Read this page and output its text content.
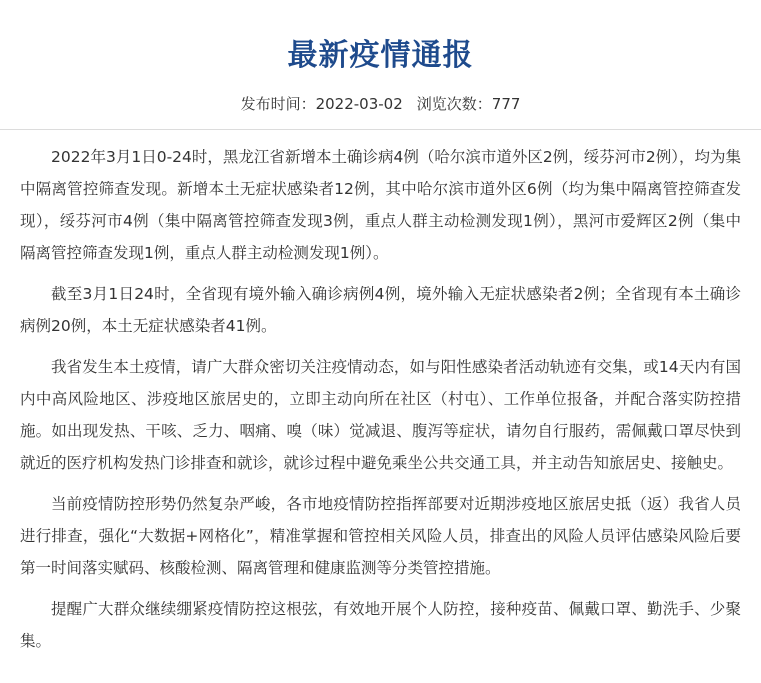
最新疫情通报
发布时间：2022-03-02 浏览次数：777

2022年3月1日0-24时，黑龙江省新增本土确诊病4例（哈尔滨市道外区2例，绥芬河市2例），均为集中隔离管控筛查发现。新增本土无症状感染者12例，其中哈尔滨市道外区6例（均为集中隔离管控筛查发现），绥芬河市4例（集中隔离管控筛查发现3例，重点人群主动检测发现1例），黑河市爱辉区2例（集中隔离管控筛查发现1例，重点人群主动检测发现1例）。

截至3月1日24时，全省现有境外输入确诊病例4例，境外输入无症状感染者2例；全省现有本土确诊病例20例，本土无症状感染者41例。

我省发生本土疫情，请广大群众密切关注疫情动态，如与阳性感染者活动轨迹有交集，或14天内有国内中高风险地区、涉疫地区旅居史的，立即主动向所在社区（村屯）、工作单位报备，并配合落实防控措施。如出现发热、干咳、乏力、咽痛、嗅（味）觉减退、腹泻等症状，请勿自行服药，需佩戴口罩尽快到就近的医疗机构发热门诊排查和就诊，就诊过程中避免乘坐公共交通工具，并主动告知旅居史、接触史。

当前疫情防控形势仍然复杂严峻，各市地疫情防控指挥部要对近期涉疫地区旅居史抵（返）我省人员进行排查，强化“大数据+网格化”，精准掌握和管控相关风险人员，排查出的风险人员评估感染风险后要第一时间落实赋码、核酸检测、隔离管理和健康监测等分类管控措施。

提醒广大群众继续绷紧疫情防控这根弦，有效地开展个人防控，接种疫苗、佩戴口罩、勤洗手、少聚集。
